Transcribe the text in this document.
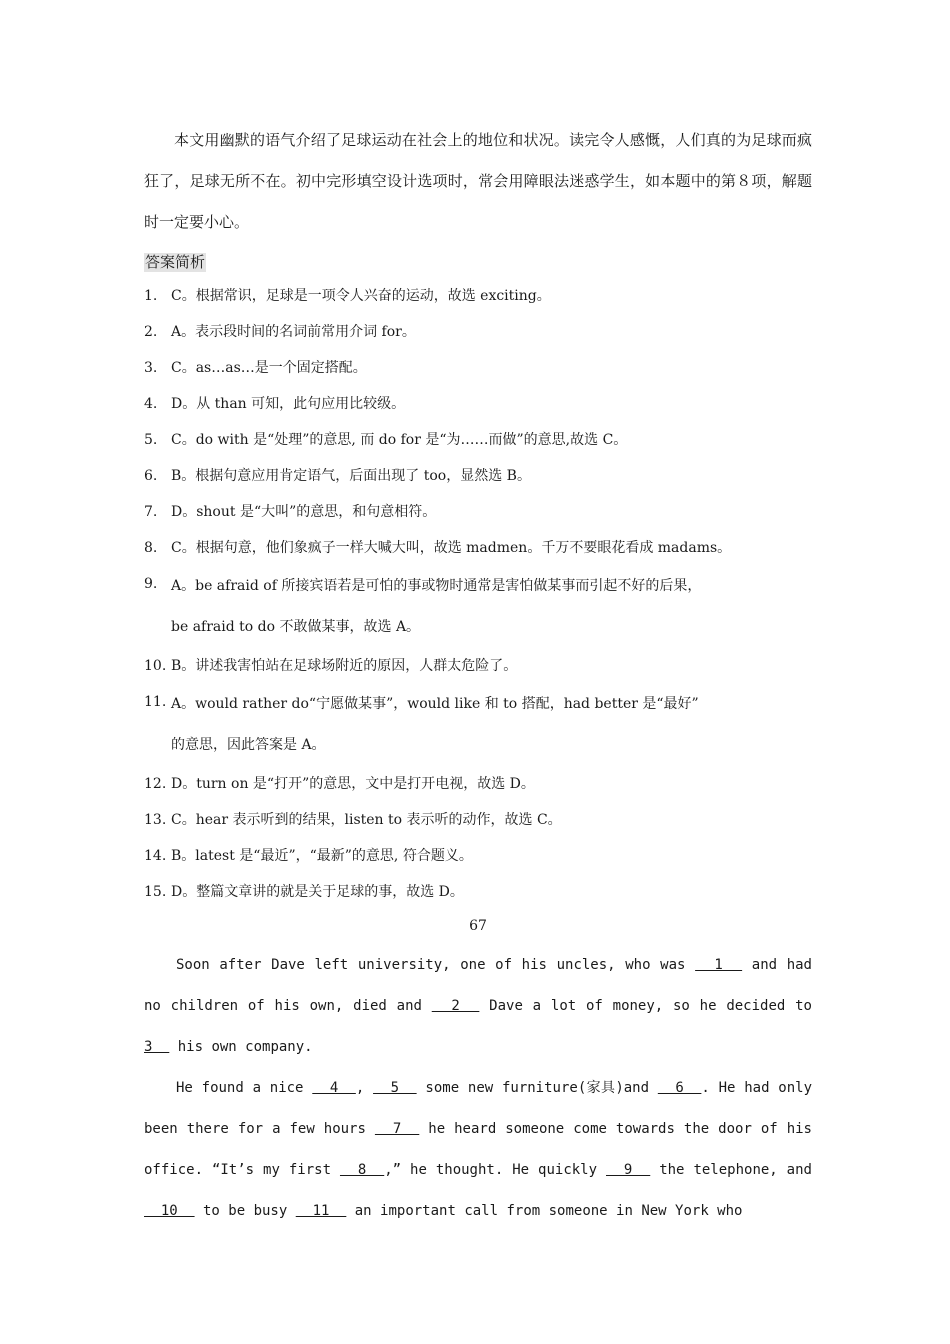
本文用幽默的语气介绍了足球运动在社会上的地位和状况。读完令人感慨，人们真的为足球而疯狂了，足球无所不在。初中完形填空设计选项时，常会用障眼法迷惑学生，如本题中的第８项，解题时一定要小心。

答案简析
1. C。根据常识，足球是一项令人兴奋的运动，故选 exciting。
2. A。表示段时间的名词前常用介词 for。
3. C。as…as…是一个固定搭配。
4. D。从 than 可知，此句应用比较级。
5. C。do with 是“处理”的意思, 而 do for 是“为……而做”的意思,故选 C。
6. B。根据句意应用肯定语气，后面出现了 too，显然选 B。
7. D。shout 是“大叫”的意思，和句意相符。
8. C。根据句意，他们象疯子一样大喊大叫，故选 madmen。千万不要眼花看成 madams。
9. A。be afraid of 所接宾语若是可怕的事或物时通常是害怕做某事而引起不好的后果，
be afraid to do 不敢做某事，故选 A。
10. B。讲述我害怕站在足球场附近的原因，人群太危险了。
11. A。would rather do“宁愿做某事”，would like 和 to 搭配，had better 是“最好”
的意思，因此答案是 A。
12. D。turn on 是“打开”的意思，文中是打开电视，故选 D。
13. C。hear 表示听到的结果，listen to 表示听的动作，故选 C。
14. B。latest 是“最近”，“最新”的意思, 符合题义。
15. D。整篇文章讲的就是关于足球的事，故选 D。
67

Soon after Dave left university, one of his uncles, who was   1   and had no children of his own, died and   2   Dave a lot of money, so he decided to 3   his own company.

He found a nice   4  ,   5   some new furniture(家具)and   6  . He had only been there for a few hours   7   he heard someone come towards the door of his office. “It’s my first   8  ,” he thought. He quickly   9   the telephone, and   10   to be busy   11   an important call from someone in New York who
